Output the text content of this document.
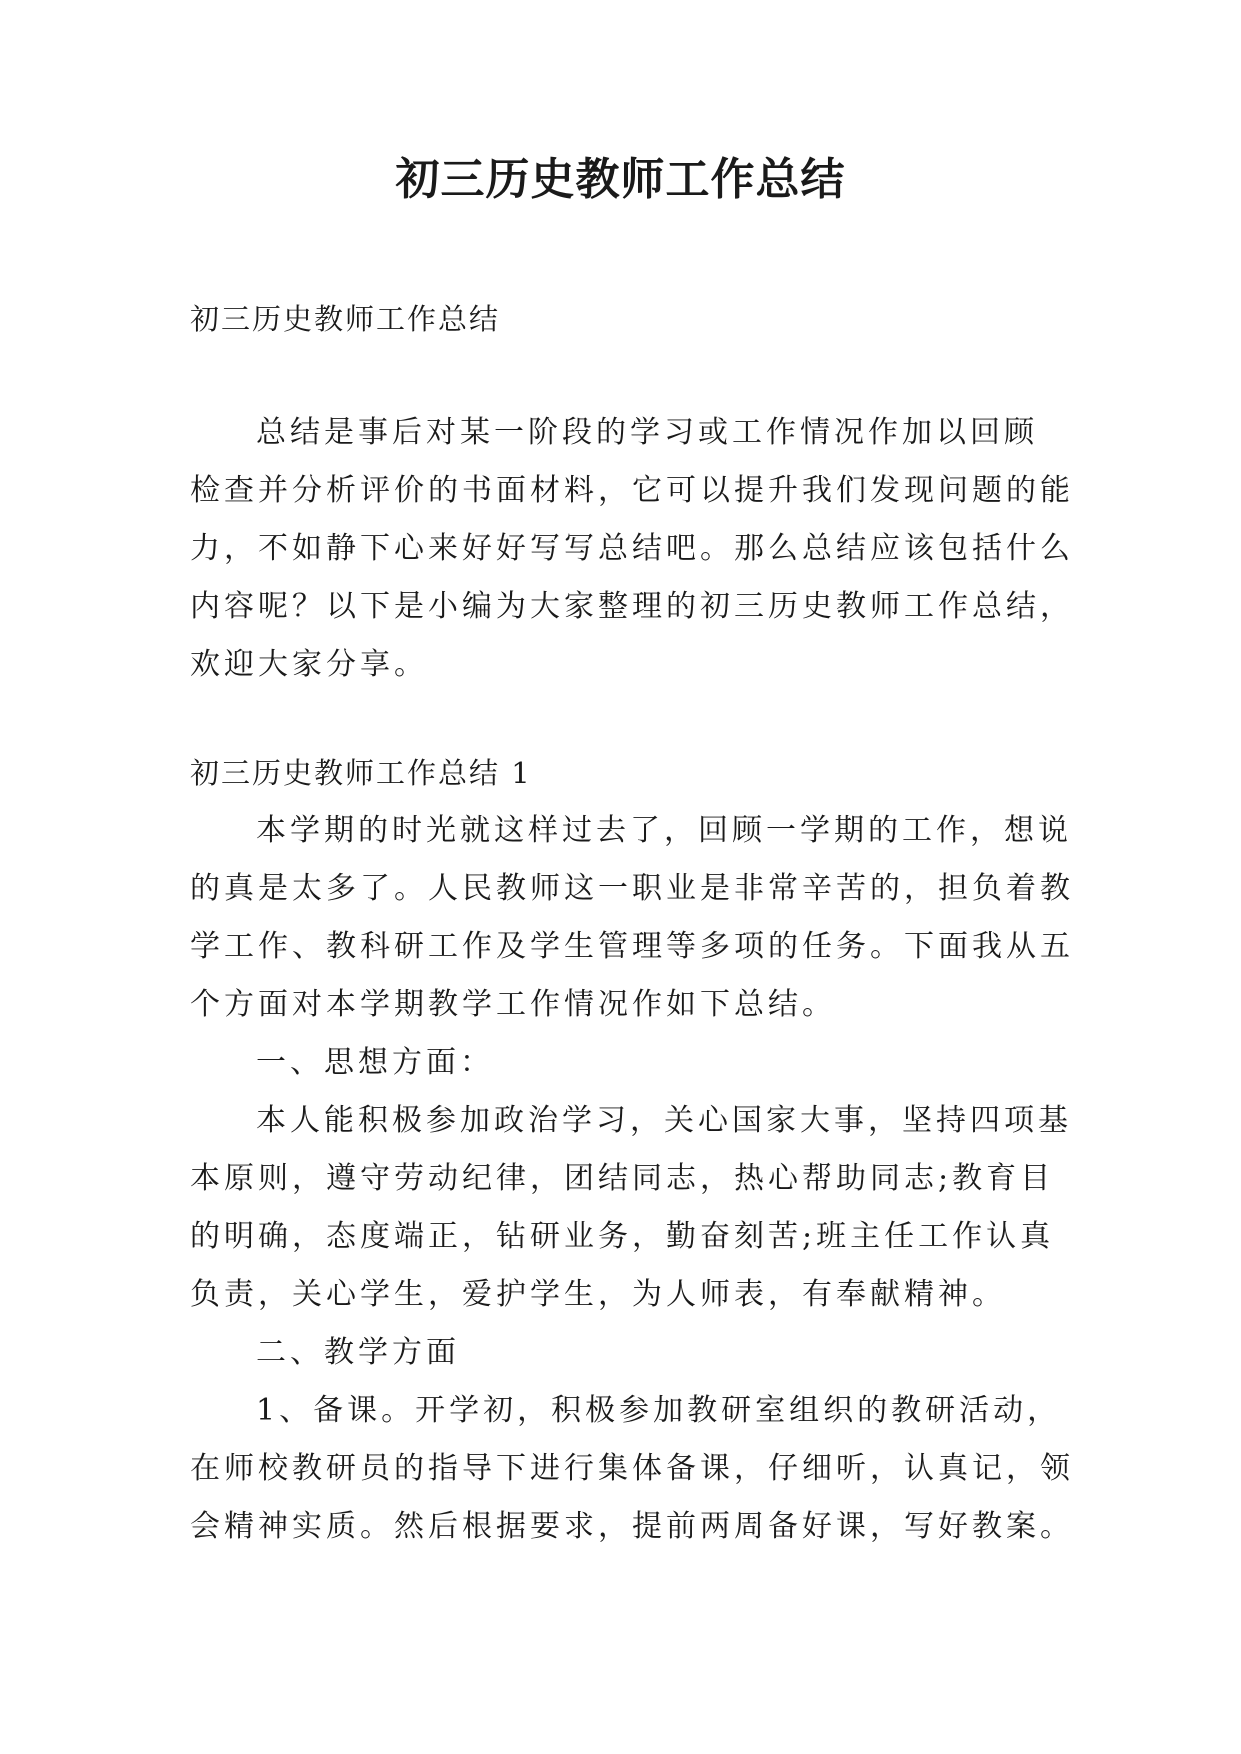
初三历史教师工作总结
初三历史教师工作总结
总结是事后对某一阶段的学习或工作情况作加以回顾
检查并分析评价的书面材料，它可以提升我们发现问题的能
力，不如静下心来好好写写总结吧。那么总结应该包括什么
内容呢？以下是小编为大家整理的初三历史教师工作总结，
欢迎大家分享。
初三历史教师工作总结 1
本学期的时光就这样过去了，回顾一学期的工作，想说
的真是太多了。人民教师这一职业是非常辛苦的，担负着教
学工作、教科研工作及学生管理等多项的任务。下面我从五
个方面对本学期教学工作情况作如下总结。
一、思想方面：
本人能积极参加政治学习，关心国家大事，坚持四项基
本原则，遵守劳动纪律，团结同志，热心帮助同志;教育目
的明确，态度端正，钻研业务，勤奋刻苦;班主任工作认真
负责，关心学生，爱护学生，为人师表，有奉献精神。
二、教学方面
1、备课。开学初，积极参加教研室组织的教研活动，
在师校教研员的指导下进行集体备课，仔细听，认真记，领
会精神实质。然后根据要求，提前两周备好课，写好教案。
